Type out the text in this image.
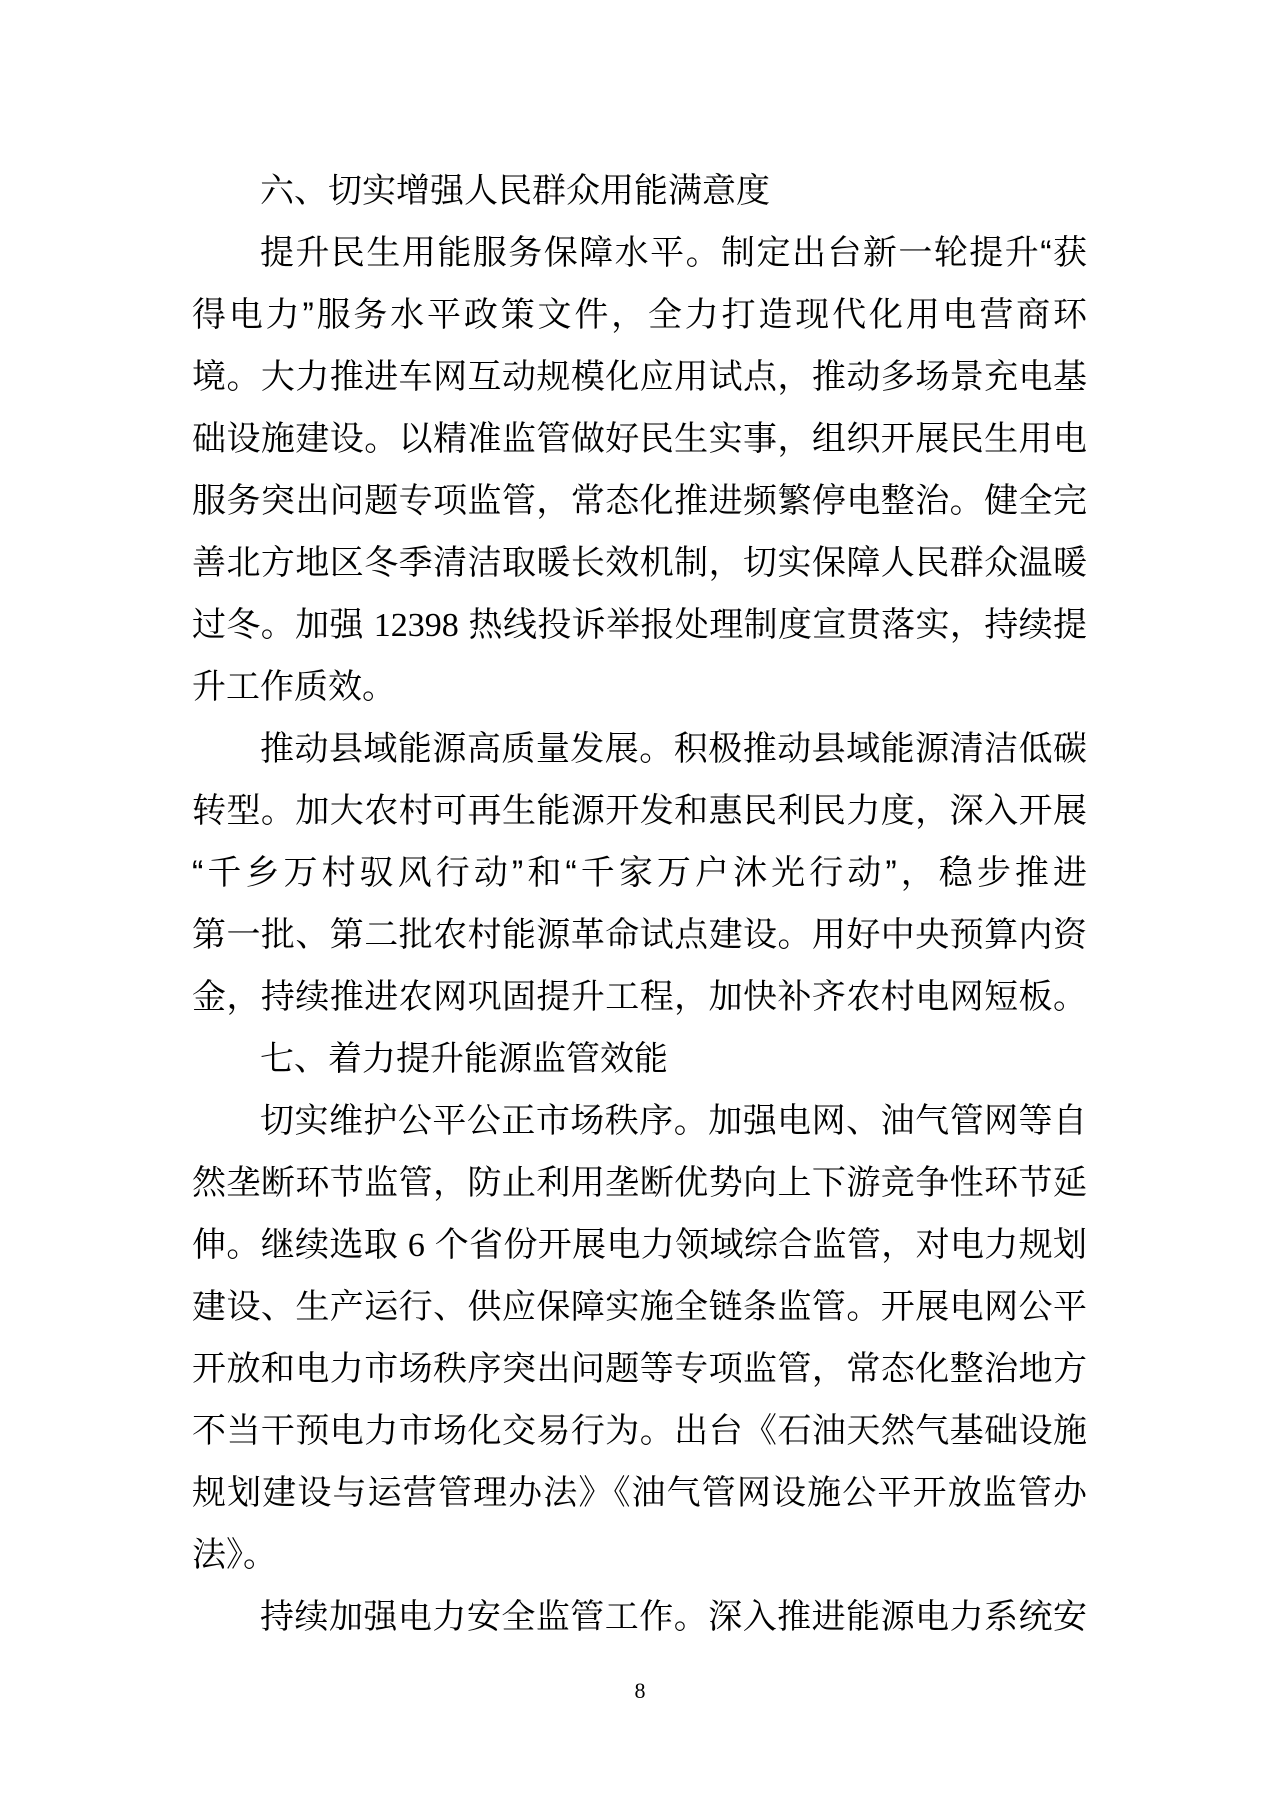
六、切实增强人民群众用能满意度
提升民生用能服务保障水平。制定出台新一轮提升“获
得电力”服务水平政策文件，全力打造现代化用电营商环
境。大力推进车网互动规模化应用试点，推动多场景充电基
础设施建设。以精准监管做好民生实事，组织开展民生用电
服务突出问题专项监管，常态化推进频繁停电整治。健全完
善北方地区冬季清洁取暖长效机制，切实保障人民群众温暖
过冬。加强 12398 热线投诉举报处理制度宣贯落实，持续提
升工作质效。
推动县域能源高质量发展。积极推动县域能源清洁低碳
转型。加大农村可再生能源开发和惠民利民力度，深入开展
“千乡万村驭风行动”和“千家万户沐光行动”，稳步推进
第一批、第二批农村能源革命试点建设。用好中央预算内资
金，持续推进农网巩固提升工程，加快补齐农村电网短板。
七、着力提升能源监管效能
切实维护公平公正市场秩序。加强电网、油气管网等自
然垄断环节监管，防止利用垄断优势向上下游竞争性环节延
伸。继续选取 6 个省份开展电力领域综合监管，对电力规划
建设、生产运行、供应保障实施全链条监管。开展电网公平
开放和电力市场秩序突出问题等专项监管，常态化整治地方
不当干预电力市场化交易行为。出台《石油天然气基础设施
规划建设与运营管理办法》《油气管网设施公平开放监管办
法》。
持续加强电力安全监管工作。深入推进能源电力系统安
8
